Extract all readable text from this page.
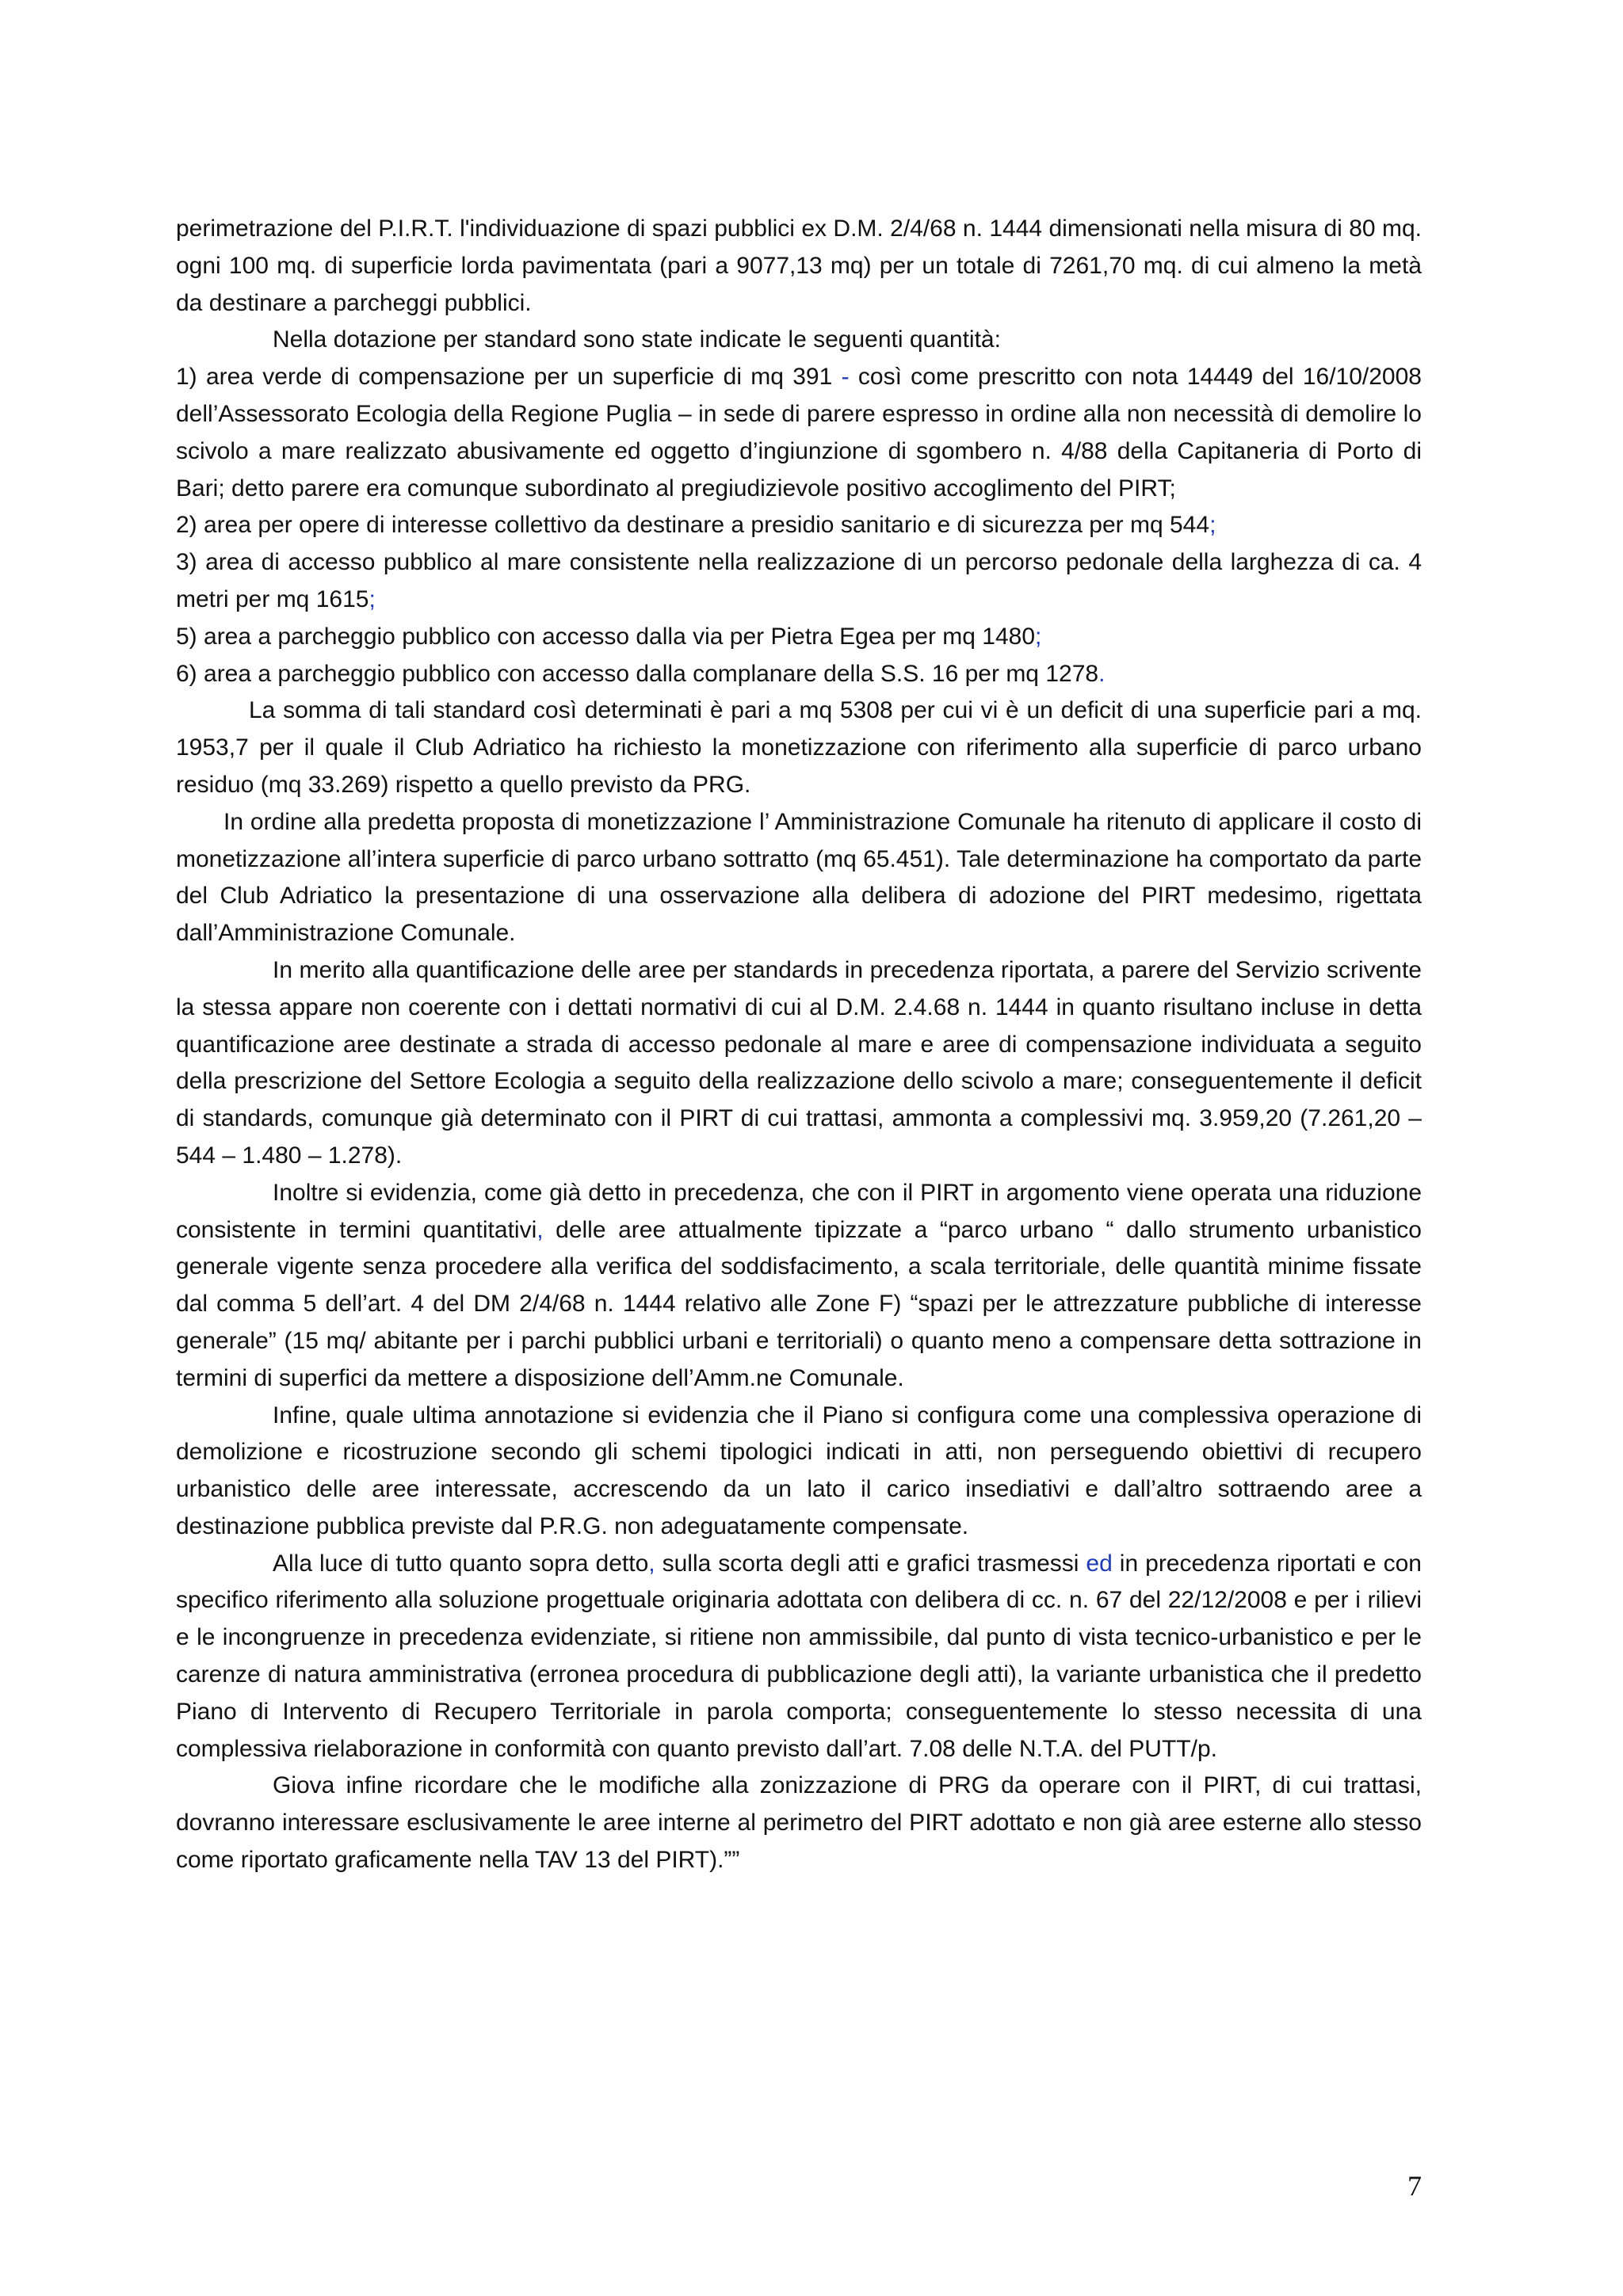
perimetrazione del P.I.R.T. l'individuazione di spazi pubblici ex D.M. 2/4/68 n. 1444 dimensionati nella misura di 80 mq. ogni 100 mq. di superficie lorda pavimentata (pari a 9077,13 mq) per un totale di 7261,70 mq. di cui almeno la metà da destinare a parcheggi pubblici.

Nella dotazione per standard sono state indicate le seguenti quantità:

1) area verde di compensazione per un superficie di mq 391 - così come prescritto con nota 14449 del 16/10/2008 dell’Assessorato Ecologia della Regione Puglia – in sede di parere espresso in ordine alla non necessità di demolire lo scivolo a mare realizzato abusivamente ed oggetto d’ingiunzione di sgombero n. 4/88 della Capitaneria di Porto di Bari; detto parere era comunque subordinato al pregiudizievole positivo accoglimento del PIRT;

2) area per opere di interesse collettivo da destinare a presidio sanitario e di sicurezza per mq 544;

3) area di accesso pubblico al mare consistente nella realizzazione di un percorso pedonale della larghezza di ca. 4 metri per mq 1615;

5) area a parcheggio pubblico con accesso dalla via per Pietra Egea per mq 1480;

6) area a parcheggio pubblico con accesso dalla complanare della S.S. 16 per mq 1278.

La somma di tali standard così determinati è pari a mq 5308 per cui vi è un deficit di una superficie pari a mq. 1953,7 per il quale il Club Adriatico ha richiesto la monetizzazione con riferimento alla superficie di parco urbano residuo (mq 33.269) rispetto a quello previsto da PRG.

In ordine alla predetta proposta di monetizzazione l’ Amministrazione Comunale ha ritenuto di applicare il costo di monetizzazione all’intera superficie di parco urbano sottratto (mq 65.451). Tale determinazione ha comportato da parte del Club Adriatico la presentazione di una osservazione alla delibera di adozione del PIRT medesimo, rigettata dall’Amministrazione Comunale.

In merito alla quantificazione delle aree per standards in precedenza riportata, a parere del Servizio scrivente la stessa appare non coerente con i dettati normativi di cui al D.M. 2.4.68 n. 1444 in quanto risultano incluse in detta quantificazione aree destinate a strada di accesso pedonale al mare e aree di compensazione individuata a seguito della prescrizione del Settore Ecologia a seguito della realizzazione dello scivolo a mare; conseguentemente il deficit di standards, comunque già determinato con il PIRT di cui trattasi, ammonta a complessivi mq. 3.959,20 (7.261,20 – 544 – 1.480 – 1.278).

Inoltre si evidenzia, come già detto in precedenza, che con il PIRT in argomento viene operata una riduzione consistente in termini quantitativi, delle aree attualmente tipizzate a “parco urbano “ dallo strumento urbanistico generale vigente senza procedere alla verifica del soddisfacimento, a scala territoriale, delle quantità minime fissate dal comma 5 dell’art. 4 del DM 2/4/68 n. 1444 relativo alle Zone F) “spazi per le attrezzature pubbliche di interesse generale” (15 mq/ abitante per i parchi pubblici urbani e territoriali) o quanto meno a compensare detta sottrazione in termini di superfici da mettere a disposizione dell’Amm.ne Comunale.

Infine, quale ultima annotazione si evidenzia che il Piano si configura come una complessiva operazione di demolizione e ricostruzione secondo gli schemi tipologici indicati in atti, non perseguendo obiettivi di recupero urbanistico delle aree interessate, accrescendo da un lato il carico insediativi e dall’altro sottraendo aree a destinazione pubblica previste dal P.R.G. non adeguatamente compensate.

Alla luce di tutto quanto sopra detto, sulla scorta degli atti e grafici trasmessi ed in precedenza riportati e con specifico riferimento alla soluzione progettuale originaria adottata con delibera di cc. n. 67 del 22/12/2008 e per i rilievi e le incongruenze in precedenza evidenziate, si ritiene non ammissibile, dal punto di vista tecnico-urbanistico e per le carenze di natura amministrativa (erronea procedura di pubblicazione degli atti), la variante urbanistica che il predetto Piano di Intervento di Recupero Territoriale in parola comporta; conseguentemente lo stesso necessita di una complessiva rielaborazione in conformità con quanto previsto dall’art. 7.08 delle N.T.A. del PUTT/p.

Giova infine ricordare che le modifiche alla zonizzazione di PRG da operare con il PIRT, di cui trattasi, dovranno interessare esclusivamente le aree interne al perimetro del PIRT adottato e non già aree esterne allo stesso come riportato graficamente nella TAV 13 del PIRT).””

7
